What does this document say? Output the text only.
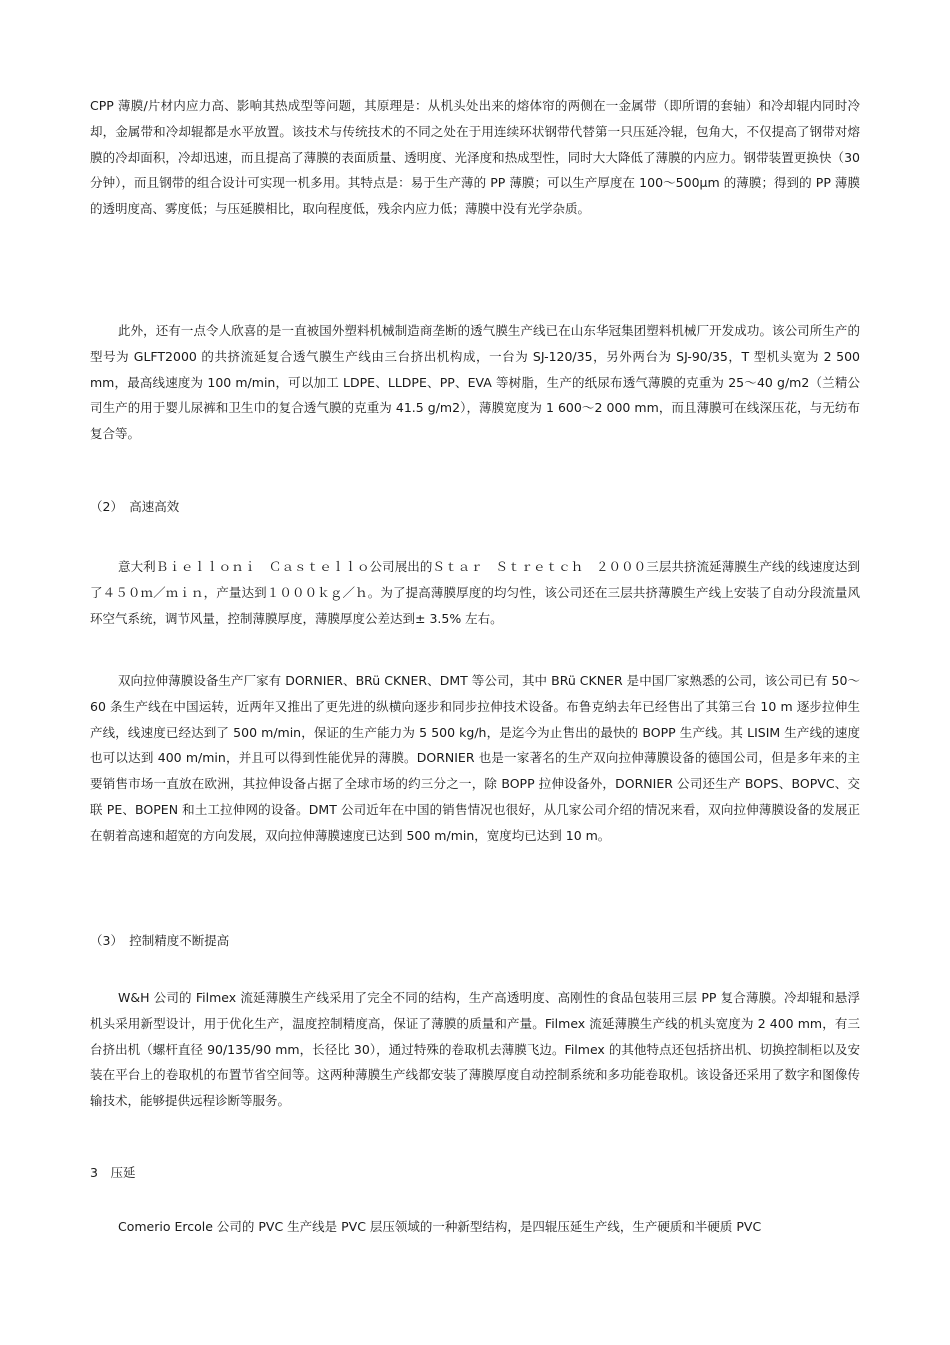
CPP 薄膜/片材内应力高、影响其热成型等问题，其原理是：从机头处出来的熔体帘的两侧在一金属带（即所谓的套轴）和冷却辊内同时冷却，金属带和冷却辊都是水平放置。该技术与传统技术的不同之处在于用连续环状钢带代替第一只压延冷辊，包角大，不仅提高了钢带对熔膜的冷却面积，冷却迅速，而且提高了薄膜的表面质量、透明度、光泽度和热成型性，同时大大降低了薄膜的内应力。钢带装置更换快（30 分钟），而且钢带的组合设计可实现一机多用。其特点是：易于生产薄的 PP 薄膜；可以生产厚度在 100～500μm 的薄膜；得到的 PP 薄膜的透明度高、雾度低；与压延膜相比，取向程度低，残余内应力低；薄膜中没有光学杂质。

此外，还有一点令人欣喜的是一直被国外塑料机械制造商垄断的透气膜生产线已在山东华冠集团塑料机械厂开发成功。该公司所生产的型号为 GLFT2000 的共挤流延复合透气膜生产线由三台挤出机构成，一台为 SJ-120/35，另外两台为 SJ-90/35，T 型机头宽为 2 500 mm，最高线速度为 100 m/min，可以加工 LDPE、LLDPE、PP、EVA 等树脂，生产的纸尿布透气薄膜的克重为 25～40 g/m2（兰精公司生产的用于婴儿尿裤和卫生巾的复合透气膜的克重为 41.5 g/m2），薄膜宽度为 1 600～2 000 mm，而且薄膜可在线深压花，与无纺布复合等。

（2）　高速高效

意大利Ｂｉｅｌｌｏｎｉ　Ｃａｓｔｅｌｌｏ公司展出的Ｓｔａｒ　Ｓｔｒｅｔｃｈ　２０００三层共挤流延薄膜生产线的线速度达到了４５０ｍ／ｍｉｎ，产量达到１０００ｋｇ／ｈ。为了提高薄膜厚度的均匀性，该公司还在三层共挤薄膜生产线上安装了自动分段流量风环空气系统，调节风量，控制薄膜厚度，薄膜厚度公差达到± 3.5% 左右。

双向拉伸薄膜设备生产厂家有 DORNIER、BRü CKNER、DMT 等公司，其中 BRü CKNER 是中国厂家熟悉的公司，该公司已有 50～60 条生产线在中国运转，近两年又推出了更先进的纵横向逐步和同步拉伸技术设备。布鲁克纳去年已经售出了其第三台 10 m 逐步拉伸生产线，线速度已经达到了 500 m/min，保证的生产能力为 5 500 kg/h，是迄今为止售出的最快的 BOPP 生产线。其 LISIM 生产线的速度也可以达到 400 m/min，并且可以得到性能优异的薄膜。DORNIER 也是一家著名的生产双向拉伸薄膜设备的德国公司，但是多年来的主要销售市场一直放在欧洲，其拉伸设备占据了全球市场的约三分之一，除 BOPP 拉伸设备外，DORNIER 公司还生产 BOPS、BOPVC、交联 PE、BOPEN 和土工拉伸网的设备。DMT 公司近年在中国的销售情况也很好，从几家公司介绍的情况来看，双向拉伸薄膜设备的发展正在朝着高速和超宽的方向发展，双向拉伸薄膜速度已达到 500 m/min，宽度均已达到 10 m。

（3）　控制精度不断提高

W&H 公司的 Filmex 流延薄膜生产线采用了完全不同的结构，生产高透明度、高刚性的食品包装用三层 PP 复合薄膜。冷却辊和悬浮机头采用新型设计，用于优化生产，温度控制精度高，保证了薄膜的质量和产量。Filmex 流延薄膜生产线的机头宽度为 2 400 mm，有三台挤出机（螺杆直径 90/135/90 mm，长径比 30），通过特殊的卷取机去薄膜飞边。Filmex 的其他特点还包括挤出机、切换控制柜以及安装在平台上的卷取机的布置节省空间等。这两种薄膜生产线都安装了薄膜厚度自动控制系统和多功能卷取机。该设备还采用了数字和图像传输技术，能够提供远程诊断等服务。

3　压延

Comerio Ercole 公司的 PVC 生产线是 PVC 层压领域的一种新型结构，是四辊压延生产线，生产硬质和半硬质 PVC
